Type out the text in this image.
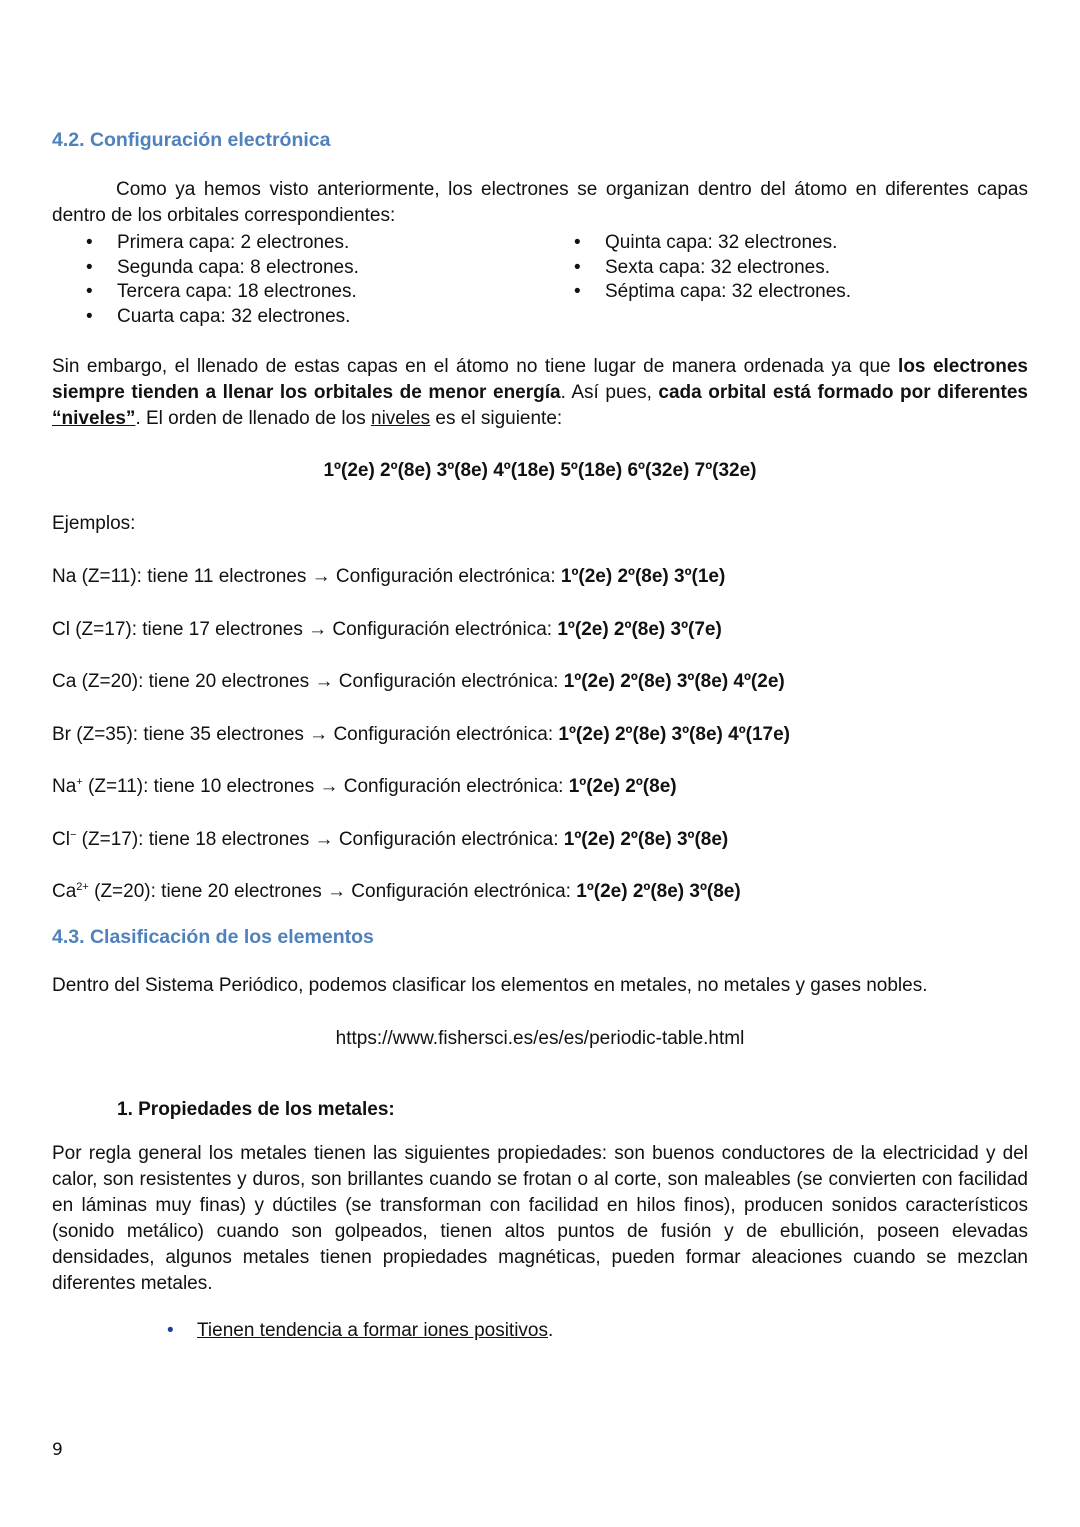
4.2. Configuración electrónica
Como ya hemos visto anteriormente, los electrones se organizan dentro del átomo en diferentes capas dentro de los orbitales correspondientes:
• Primera capa: 2 electrones.
• Segunda capa: 8 electrones.
• Tercera capa: 18 electrones.
• Cuarta capa: 32 electrones.
• Quinta capa: 32 electrones.
• Sexta capa: 32 electrones.
• Séptima capa: 32 electrones.
Sin embargo, el llenado de estas capas en el átomo no tiene lugar de manera ordenada ya que los electrones siempre tienden a llenar los orbitales de menor energía. Así pues, cada orbital está formado por diferentes “niveles”. El orden de llenado de los niveles es el siguiente:
1º(2e) 2º(8e) 3º(8e) 4º(18e) 5º(18e) 6º(32e) 7º(32e)
Ejemplos:
Na (Z=11): tiene 11 electrones → Configuración electrónica: 1º(2e) 2º(8e) 3º(1e)
Cl (Z=17): tiene 17 electrones → Configuración electrónica: 1º(2e) 2º(8e) 3º(7e)
Ca (Z=20): tiene 20 electrones → Configuración electrónica: 1º(2e) 2º(8e) 3º(8e) 4º(2e)
Br (Z=35): tiene 35 electrones → Configuración electrónica: 1º(2e) 2º(8e) 3º(8e) 4º(17e)
Na+ (Z=11): tiene 10 electrones → Configuración electrónica: 1º(2e) 2º(8e)
Cl− (Z=17): tiene 18 electrones → Configuración electrónica: 1º(2e) 2º(8e) 3º(8e)
$Ca^{2+}$ (Z=20): tiene 20 electrones → Configuración electrónica: 1º(2e) 2º(8e) 3º(8e)
4.3. Clasificación de los elementos
Dentro del Sistema Periódico, podemos clasificar los elementos en metales, no metales y gases nobles.
https://www.fishersci.es/es/es/periodic-table.html
1. Propiedades de los metales:
Por regla general los metales tienen las siguientes propiedades: son buenos conductores de la electricidad y del calor, son resistentes y duros, son brillantes cuando se frotan o al corte, son maleables (se convierten con facilidad en láminas muy finas) y dúctiles (se transforman con facilidad en hilos finos), producen sonidos característicos (sonido metálico) cuando son golpeados, tienen altos puntos de fusión y de ebullición, poseen elevadas densidades, algunos metales tienen propiedades magnéticas, pueden formar aleaciones cuando se mezclan diferentes metales.
• Tienen tendencia a formar iones positivos.
9
